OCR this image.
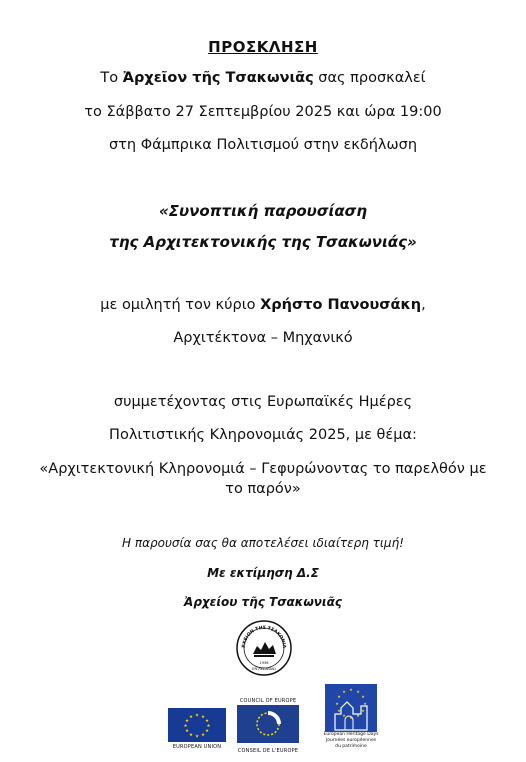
ΠΡΟΣΚΛΗΣΗ
Το Ἀρχεῖον τῆς Τσακωνιᾶς σας προσκαλεί
το Σάββατο 27 Σεπτεμβρίου 2025 και ώρα 19:00
στη Φάμπρικα Πολιτισμού στην εκδήλωση
«Συνοπτική παρουσίαση
της Αρχιτεκτονικής της Τσακωνιάς»
με ομιλητή τον κύριο Χρήστο Πανουσάκη,
Αρχιτέκτονα – Μηχανικό
συμμετέχοντας στις Ευρωπαϊκές Ημέρες
Πολιτιστικής Κληρονομιάς 2025, με θέμα:
«Αρχιτεκτονική Κληρονομιά – Γεφυρώνοντας το παρελθόν με
το παρόν»
Η παρουσία σας θα αποτελέσει ιδιαίτερη τιμή!
Με εκτίμηση Δ.Σ
Ἀρχείου τῆς Τσακωνιᾶς
ΡΧΕΙΟΝ ΤΗΣ ΤΣΑΚΩΝΙΑ
1936
ΕΝ ΛΕΩΝΙΔΙΩ
★ ★
★
★
★
★
★
★
★
★
★
★
EUROPEAN UNION
COUNCIL OF EUROPE
CONSEIL DE L'EUROPE
★ ★
★
★
★
★
★
★
★
★
★
★
European Heritage Days
Journées européennes
du patrimoine
